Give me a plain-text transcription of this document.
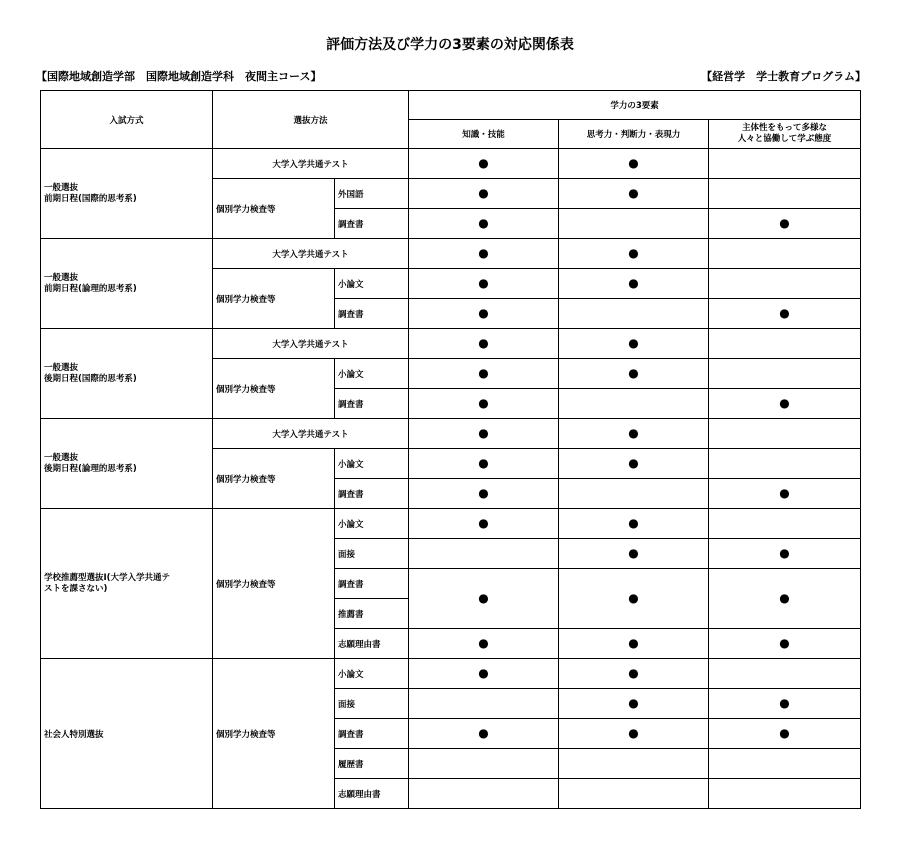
評価方法及び学力の3要素の対応関係表
【国際地域創造学部　国際地域創造学科　夜間主コース】	【経営学　学士教育プログラム】
入試方式	選抜方法		学力の3要素		
			知識・技能	思考力・判断力・表現力	主体性をもって多様な
人々と協働して学ぶ態度
一般選抜
前期日程(国際的思考系)	大学入学共通テスト		●	●	
	個別学力検査等	外国語	●	●	
		調査書	●		●
一般選抜
前期日程(論理的思考系)	大学入学共通テスト		●	●	
	個別学力検査等	小論文	●	●	
		調査書	●		●
一般選抜
後期日程(国際的思考系)	大学入学共通テスト		●	●	
	個別学力検査等	小論文	●	●	
		調査書	●		●
一般選抜
後期日程(論理的思考系)	大学入学共通テスト		●	●	
	個別学力検査等	小論文	●	●	
		調査書	●		●
学校推薦型選抜Ⅰ(大学入学共通テ
ストを課さない)	個別学力検査等	小論文	●	●	
		面接		●	●
		調査書	●	●	●
		推薦書			
		志願理由書	●	●	●
社会人特別選抜	個別学力検査等	小論文	●	●	
		面接		●	●
		調査書	●	●	●
		履歴書			
		志願理由書			
